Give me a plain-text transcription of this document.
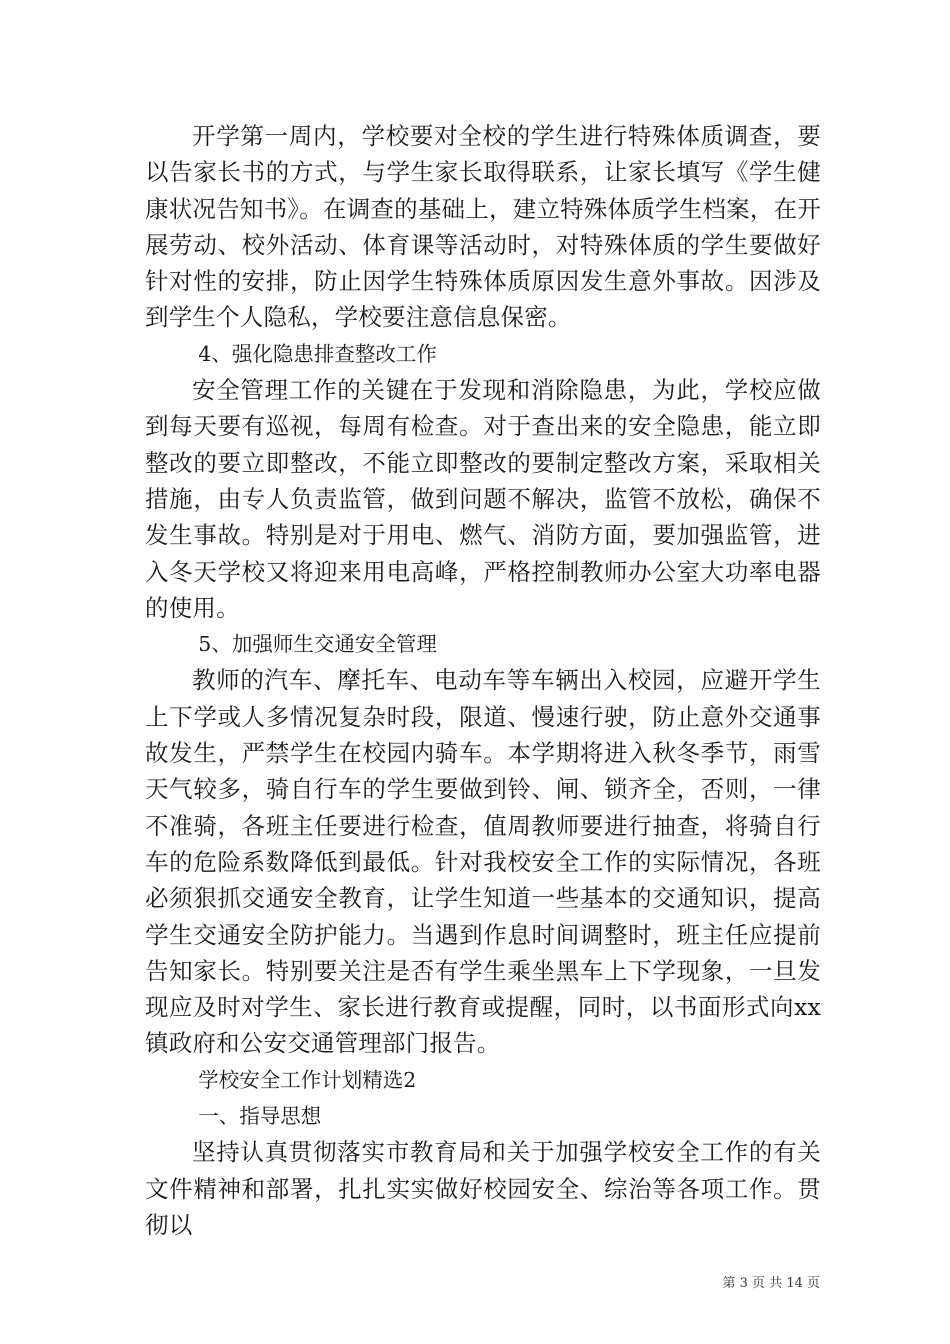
开学第一周内，学校要对全校的学生进行特殊体质调查，要以告家长书的方式，与学生家长取得联系，让家长填写《学生健康状况告知书》。在调查的基础上，建立特殊体质学生档案，在开展劳动、校外活动、体育课等活动时，对特殊体质的学生要做好针对性的安排，防止因学生特殊体质原因发生意外事故。因涉及到学生个人隐私，学校要注意信息保密。

4、强化隐患排查整改工作

安全管理工作的关键在于发现和消除隐患，为此，学校应做到每天要有巡视，每周有检查。对于查出来的安全隐患，能立即整改的要立即整改，不能立即整改的要制定整改方案，采取相关措施，由专人负责监管，做到问题不解决，监管不放松，确保不发生事故。特别是对于用电、燃气、消防方面，要加强监管，进入冬天学校又将迎来用电高峰，严格控制教师办公室大功率电器的使用。

5、加强师生交通安全管理

教师的汽车、摩托车、电动车等车辆出入校园，应避开学生上下学或人多情况复杂时段，限道、慢速行驶，防止意外交通事故发生，严禁学生在校园内骑车。本学期将进入秋冬季节，雨雪天气较多，骑自行车的学生要做到铃、闸、锁齐全，否则，一律不准骑，各班主任要进行检查，值周教师要进行抽查，将骑自行车的危险系数降低到最低。针对我校安全工作的实际情况，各班必须狠抓交通安全教育，让学生知道一些基本的交通知识，提高学生交通安全防护能力。当遇到作息时间调整时，班主任应提前告知家长。特别要关注是否有学生乘坐黑车上下学现象，一旦发现应及时对学生、家长进行教育或提醒，同时，以书面形式向xx镇政府和公安交通管理部门报告。

学校安全工作计划精选2

一、指导思想

坚持认真贯彻落实市教育局和关于加强学校安全工作的有关文件精神和部署，扎扎实实做好校园安全、综治等各项工作。贯彻以

第 3 页 共 14 页
